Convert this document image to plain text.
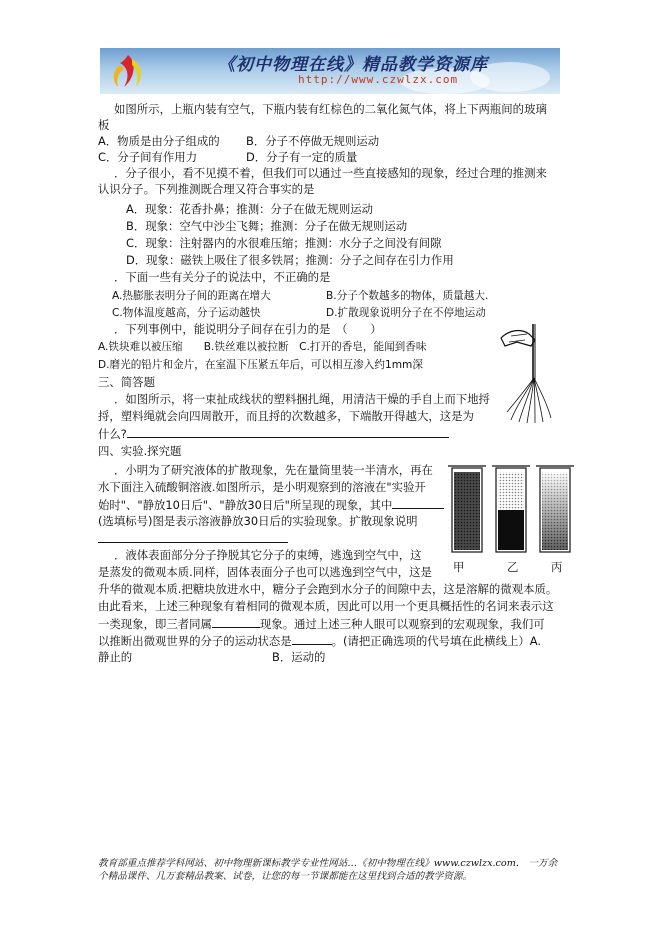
《初中物理在线》精品教学资源库
http://www.czwlzx.com
如图所示，上瓶内装有空气，下瓶内装有红棕色的二氧化氮气体，将上下两瓶间的玻璃
板
A．物质是由分子组成的 B．分子不停做无规则运动
C．分子间有作用力	D．分子有一定的质量
．分子很小，看不见摸不着，但我们可以通过一些直接感知的现象，经过合理的推测来
认识分子。下列推测既合理又符合事实的是
A．现象：花香扑鼻；推测：分子在做无规则运动
B．现象：空气中沙尘飞舞；推测：分子在做无规则运动
C．现象：注射器内的水很难压缩；推测：水分子之间没有间隙
D．现象：磁铁上吸住了很多铁屑；推测：分子之间存在引力作用
．下面一些有关分子的说法中，不正确的是
A.热膨胀表明分子间的距离在增大	B.分子个数越多的物体，质量越大.
C.物体温度越高，分子运动越快	D.扩散现象说明分子在不停地运动
．下列事例中，能说明分子间存在引力的是　（　　）
A.铁块难以被压缩　　B.铁丝难以被拉断　C.打开的香皂，能闻到香味
D.磨光的铅片和金片，在室温下压紧五年后，可以相互渗入约1mm深
三、简答题
．如图所示，将一束扯成线状的塑料捆扎绳，用清洁干燥的手自上而下地捋
捋，塑料绳就会向四周散开，而且捋的次数越多，下端散开得越大，这是为
什么?
四、实验.探究题
．小明为了研究液体的扩散现象，先在量筒里装一半清水，再在
水下面注入硫酸铜溶液.如图所示，是小明观察到的溶液在"实验开
始时"、"静放10日后"、"静放30日后"所呈现的现象，其中
(选填标号)图是表示溶液静放30日后的实验现象。扩散现象说明
甲	乙	丙
．液体表面部分分子挣脱其它分子的束缚，逃逸到空气中，这
是蒸发的微观本质.同样，固体表面分子也可以逃逸到空气中，这是
升华的微观本质.把糖块放进水中，糖分子会跑到水分子的间隙中去，这是溶解的微观本质。
由此看来，上述三种现象有着相同的微观本质，因此可以用一个更具概括性的名词来表示这
一类现象，即三者同属	现象。通过上述三种人眼可以观察到的宏观现象，我们可
以推断出微观世界的分子的运动状态是	。(请把正确选项的代号填在此横线上）A.
静止的	B．运动的
教育部重点推荐学科网站、初中物理新课标教学专业性网站…《初中物理在线》www.czwlzx.com． 一万余
个精品课件、几万套精品教案、试卷，让您的每一节课都能在这里找到合适的教学资源。
